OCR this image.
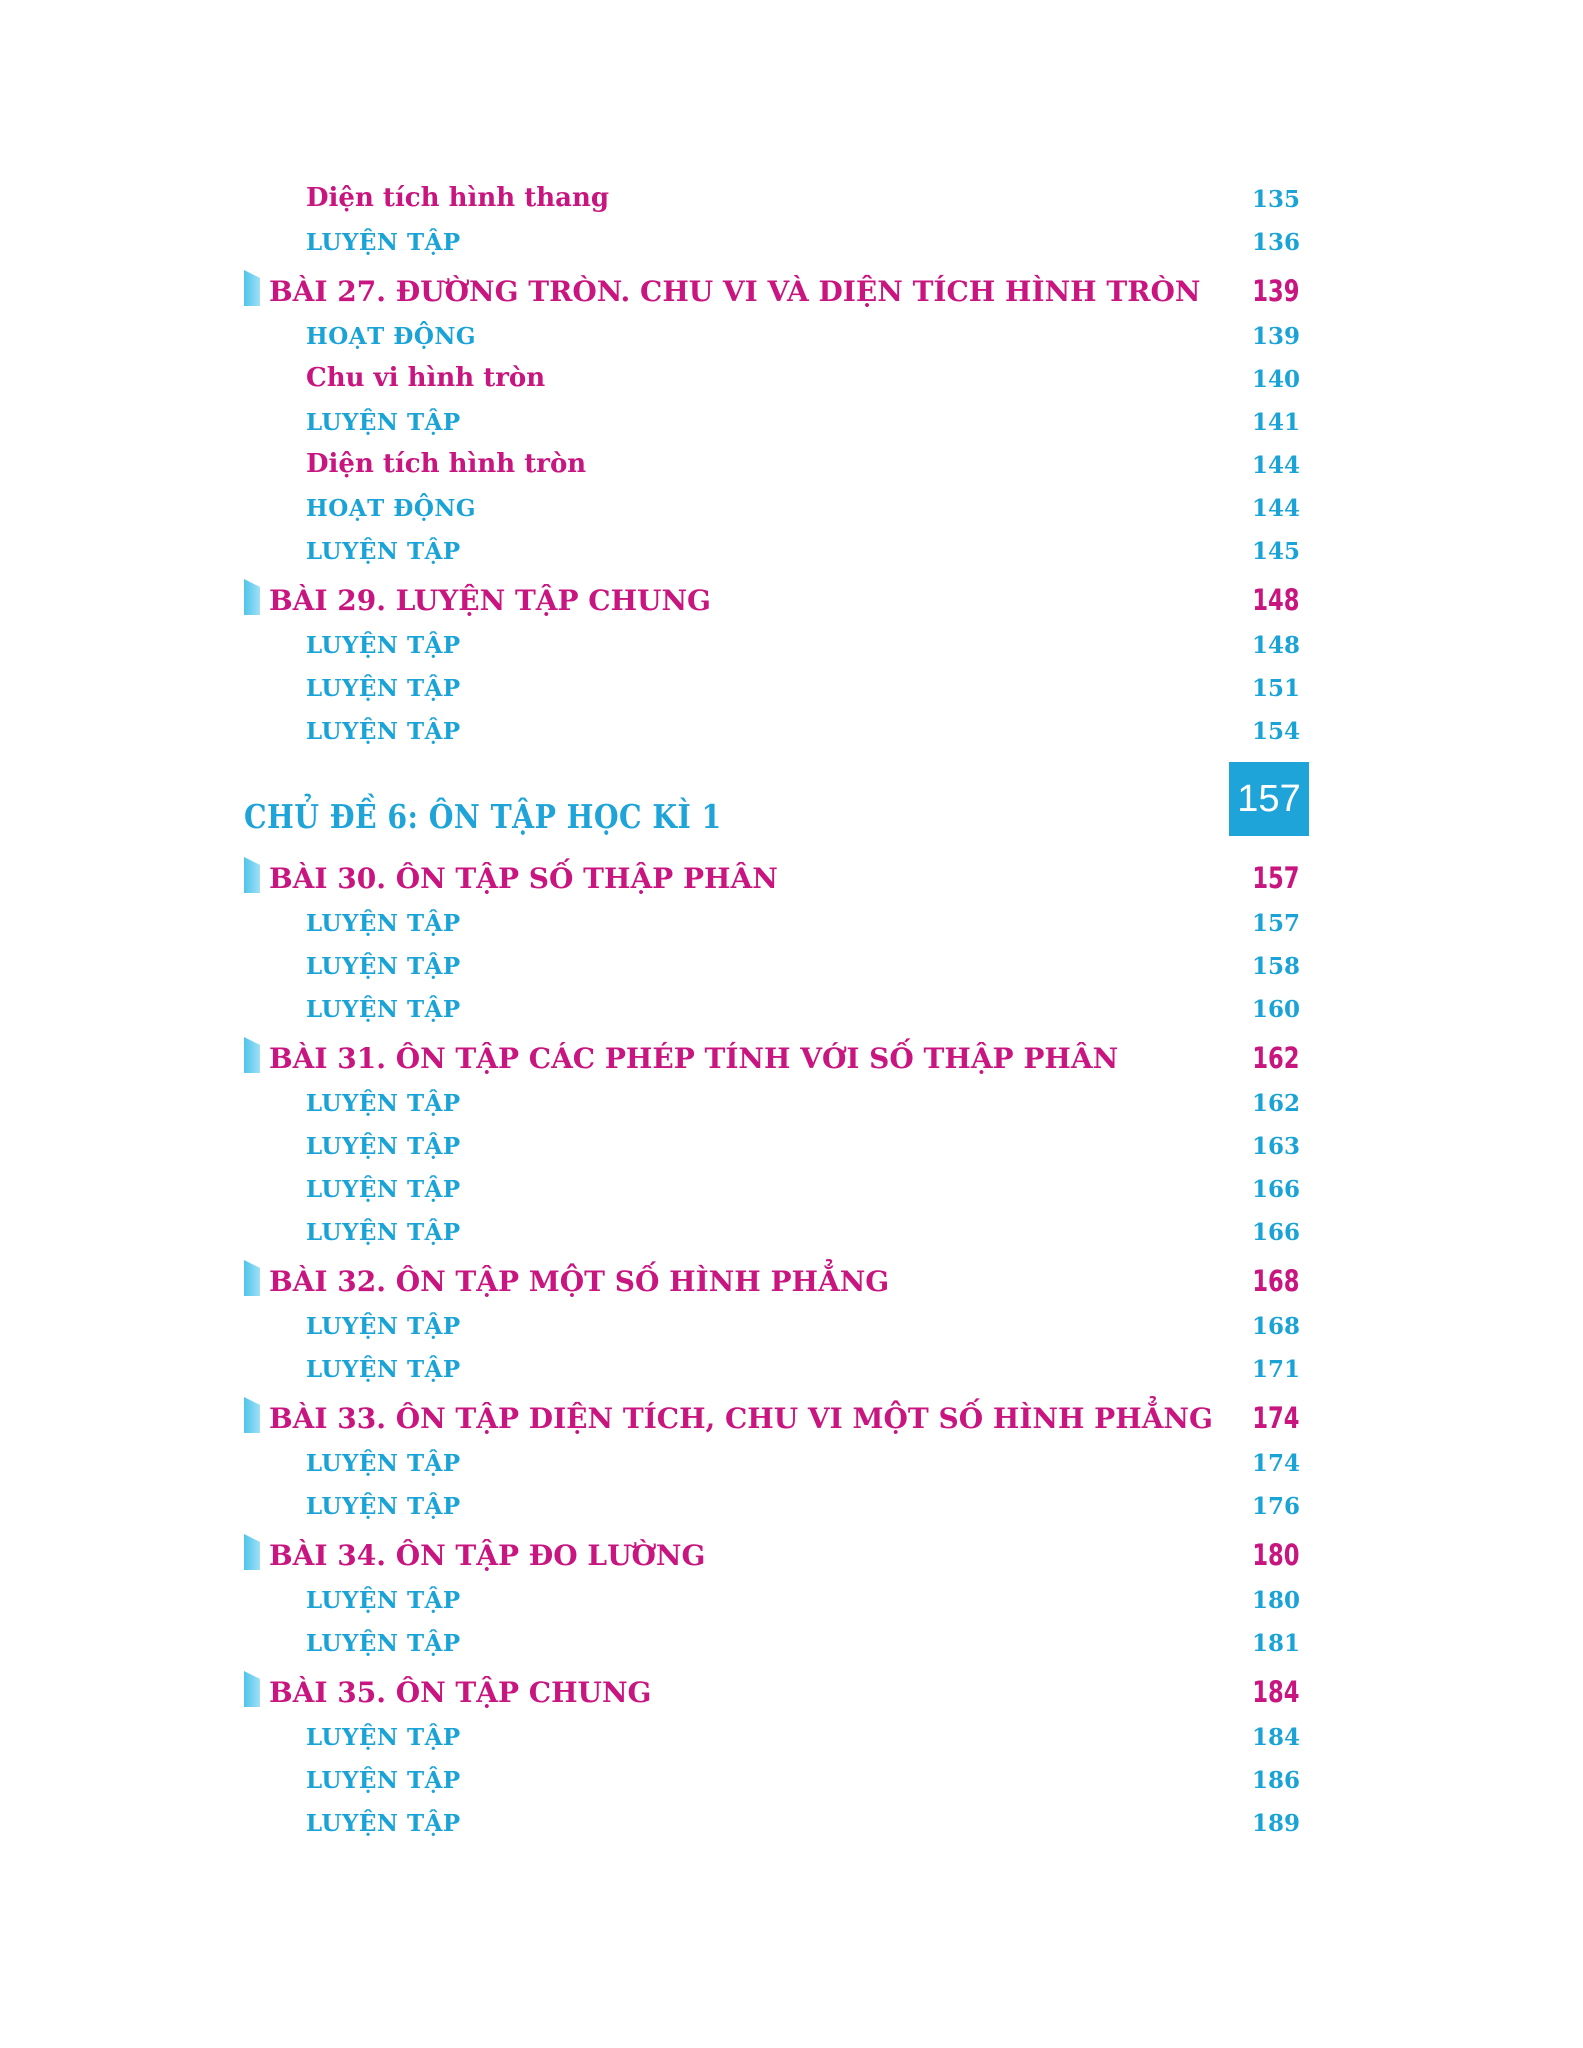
Diện tích hình thang	135
LUYỆN TẬP	136
BÀI 27. ĐƯỜNG TRÒN. CHU VI VÀ DIỆN TÍCH HÌNH TRÒN 139
HOẠT ĐỘNG	139
Chu vi hình tròn	140
LUYỆN TẬP	141
Diện tích hình tròn	144
HOẠT ĐỘNG	144
LUYỆN TẬP	145
BÀI 29. LUYỆN TẬP CHUNG	148
LUYỆN TẬP	148
LUYỆN TẬP	151
LUYỆN TẬP	154
CHỦ ĐỀ 6: ÔN TẬP HỌC KÌ 1
BÀI 30. ÔN TẬP SỐ THẬP PHÂN	157
LUYỆN TẬP	157
LUYỆN TẬP	158
LUYỆN TẬP	160
BÀI 31. ÔN TẬP CÁC PHÉP TÍNH VỚI SỐ THẬP PHÂN	162
LUYỆN TẬP	162
LUYỆN TẬP	163
LUYỆN TẬP	166
LUYỆN TẬP	166
BÀI 32. ÔN TẬP MỘT SỐ HÌNH PHẲNG	168
LUYỆN TẬP	168
LUYỆN TẬP	171
BÀI 33. ÔN TẬP DIỆN TÍCH, CHU VI MỘT SỐ HÌNH PHẲNG 174
LUYỆN TẬP	174
LUYỆN TẬP	176
BÀI 34. ÔN TẬP ĐO LƯỜNG	180
LUYỆN TẬP	180
LUYỆN TẬP	181
BÀI 35. ÔN TẬP CHUNG	184
LUYỆN TẬP	184
LUYỆN TẬP	186
LUYỆN TẬP	189
157
